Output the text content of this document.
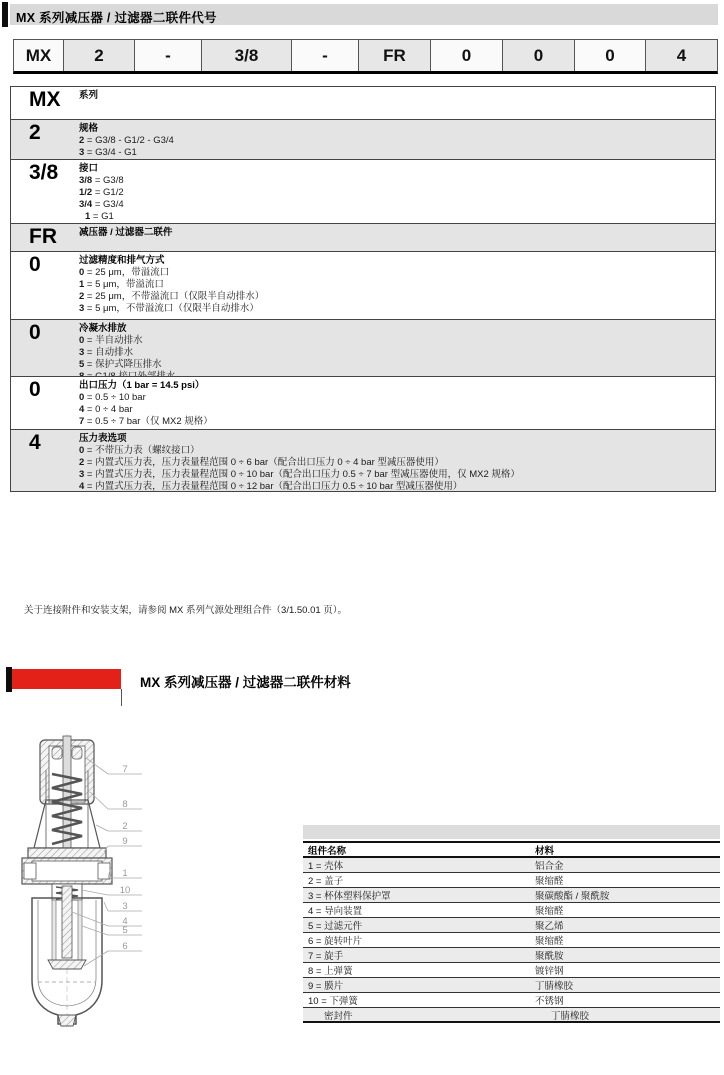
MX 系列减压器 / 过滤器二联件代号
MX	2	-	3/8	-	FR	0	0	0	4
MX 系列
2	规格
2 = G3/8 - G1/2 - G3/4
3 = G3/4 - G1
3/8 接口
3/8 = G3/8
1/2 = G1/2
3/4 = G3/4
1 = G1
FR 减压器 / 过滤器二联件
0	过滤精度和排气方式
0 = 25 μm，带溢流口
1 = 5 μm，带溢流口
2 = 25 μm，不带溢流口（仅限半自动排水）
3 = 5 μm，不带溢流口（仅限半自动排水）
0	冷凝水排放
0 = 半自动排水
3 = 自动排水
5 = 保护式降压排水
0	出口压力（1 bar = 14.5 psi）
0 = 0.5 ÷ 10 bar
4 = 0 ÷ 4 bar
7 = 0.5 ÷ 7 bar（仅 MX2 规格）
4	压力表选项
0 = 不带压力表（螺纹接口）
2 = 内置式压力表，压力表量程范围 0 ÷ 6 bar（配合出口压力 0 ÷ 4 bar 型减压器使用）
3 = 内置式压力表，压力表量程范围 0 ÷ 10 bar（配合出口压力 0.5 ÷ 7 bar 型减压器使用，仅 MX2 规格）
4 = 内置式压力表，压力表量程范围 0 ÷ 12 bar（配合出口压力 0.5 ÷ 10 bar 型减压器使用）
关于连接附件和安装支架，请参阅 MX 系列气源处理组合件（3/1.50.01 页）。
MX 系列减压器 / 过滤器二联件材料
7
8
2
9
1
10
3
4
5
6
组件名称	材料
1 = 壳体	铝合金
2 = 盖子	聚缩醛
3 = 杯体塑料保护罩	聚碳酸酯 / 聚酰胺
4 = 导向装置	聚缩醛
5 = 过滤元件	聚乙烯
6 = 旋转叶片	聚缩醛
7 = 旋手	聚酰胺
8 = 上弹簧	镀锌钢
9 = 膜片	丁腈橡胶
10 = 下弹簧	不锈钢
密封件	丁腈橡胶
